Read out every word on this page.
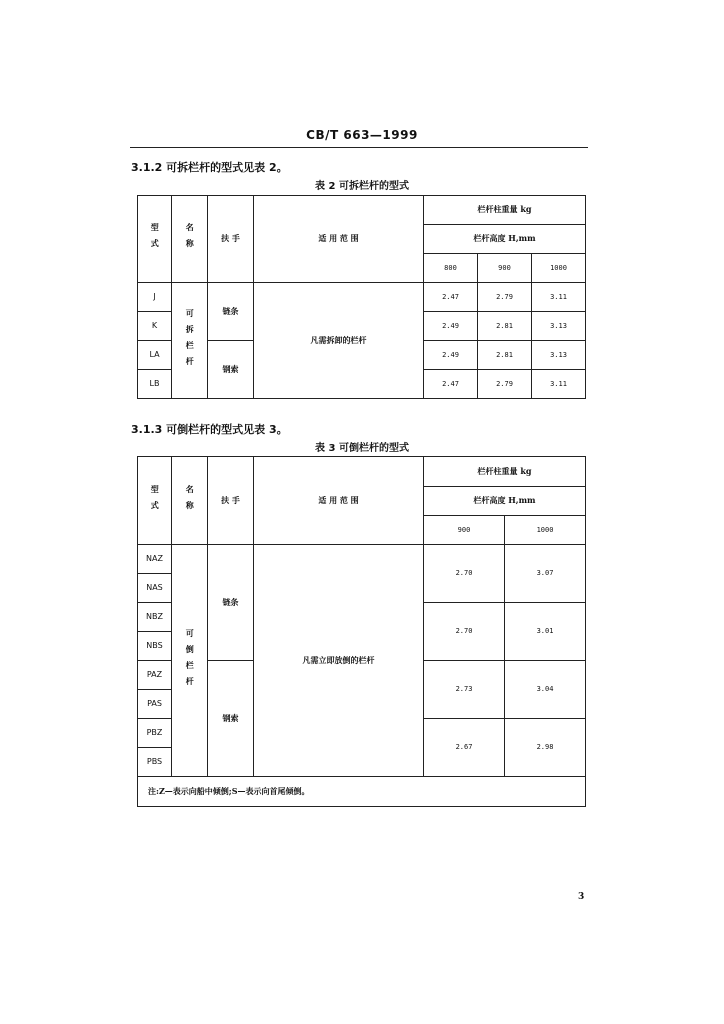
CB/T 663—1999
3.1.2 可拆栏杆的型式见表 2。
表 2 可拆栏杆的型式
型式	名称	扶 手	适 用 范 围	栏杆柱重量 kg		
				栏杆高度 H,mm		
				800	900	1000
J	可拆栏杆	链条	凡需拆卸的栏杆	2.47	2.79	3.11
K				2.49	2.81	3.13
LA		钢索		2.49	2.81	3.13
LB				2.47	2.79	3.11
3.1.3 可倒栏杆的型式见表 3。
表 3 可倒栏杆的型式
型式	名称	扶 手	适 用 范 围	栏杆柱重量 kg	
				栏杆高度 H,mm	
				900	1000
NAZ	可倒栏杆	链条	凡需立即放倒的栏杆	2.70	3.07
NAS					
NBZ				2.70	3.01
NBS					
PAZ		钢索		2.73	3.04
PAS					
PBZ				2.67	2.98
PBS					
注:Z—表示向船中倾倒;S—表示向首尾倾倒。					
3
